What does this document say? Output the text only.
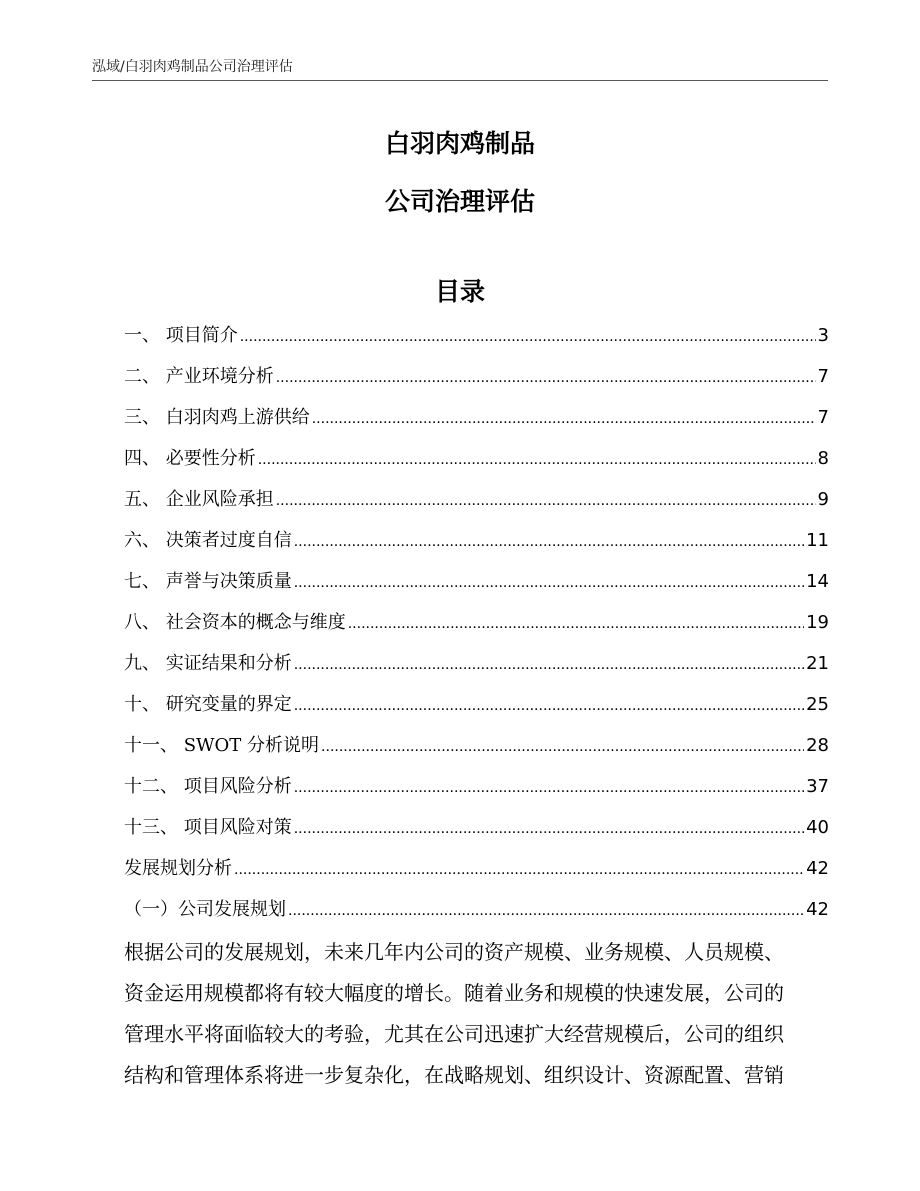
泓域/白羽肉鸡制品公司治理评估
白羽肉鸡制品
公司治理评估
目录
一、 项目简介 .....	3
二、 产业环境分析 .....	7
三、 白羽肉鸡上游供给 .....	7
四、 必要性分析 .....	8
五、 企业风险承担 .....	9
六、 决策者过度自信 .....	11
七、 声誉与决策质量 .....	14
八、 社会资本的概念与维度 .....	19
九、 实证结果和分析 .....	21
十、 研究变量的界定 .....	25
十一、 SWOT 分析说明 .....	28
十二、 项目风险分析 .....	37
十三、 项目风险对策 .....	40
发展规划分析 .....	42
（一）公司发展规划 .....	42
根据公司的发展规划，未来几年内公司的资产规模、业务规模、人员规模、
资金运用规模都将有较大幅度的增长。随着业务和规模的快速发展，公司的
管理水平将面临较大的考验，尤其在公司迅速扩大经营规模后，公司的组织
结构和管理体系将进一步复杂化，在战略规划、组织设计、资源配置、营销
